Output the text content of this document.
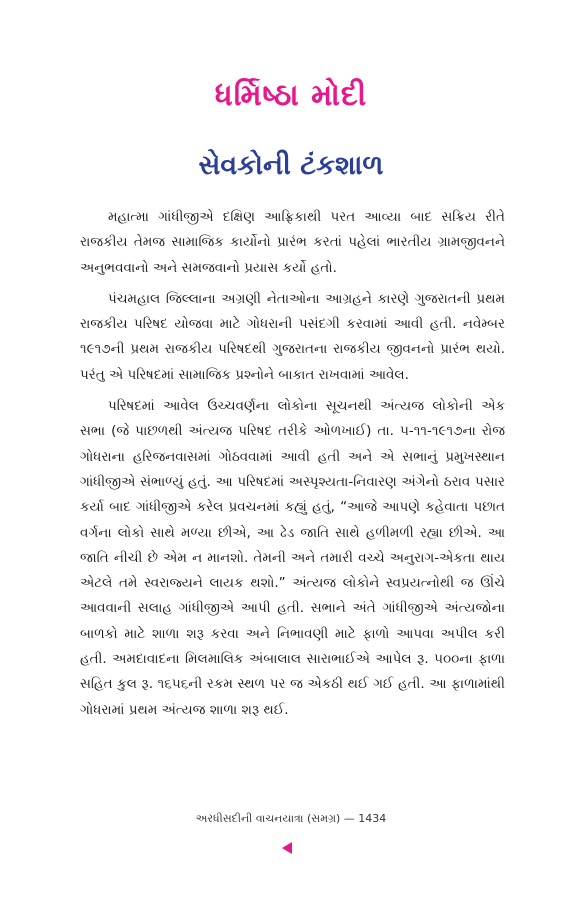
ધર્મિષ્ઠા મોદી
સેવકોની ટંકશાળ

મહાત્મા ગાંધીજીએ દક્ષિણ આફ્રિકાથી પરત આવ્યા બાદ સક્રિય રીતે રાજકીય તેમજ સામાજિક કાર્યોનો પ્રારંભ કરતાં પહેલાં ભારતીય ગ્રામજીવનને અનુભવવાનો અને સમજવાનો પ્રયાસ કર્યો હતો.

પંચમહાલ જિલ્લાના અગ્રણી નેતાઓના આગ્રહને કારણે ગુજરાતની પ્રથમ રાજકીય પરિષદ યોજવા માટે ગોધરાની પસંદગી કરવામાં આવી હતી. નવેમ્બર ૧૯૧૭ની પ્રથમ રાજકીય પરિષદથી ગુજરાતના રાજકીય જીવનનો પ્રારંભ થયો. પરંતુ એ પરિષદમાં સામાજિક પ્રશ્નોને બાકાત રાખવામાં આવેલ.

પરિષદમાં આવેલ ઉચ્ચવર્ણના લોકોના સૂચનથી અંત્યજ લોકોની એક સભા (જે પાછળથી અંત્યજ પરિષદ તરીકે ઓળખાઈ) તા. ૫-૧૧-૧૯૧૭ના રોજ ગોધરાના હરિજનવાસમાં ગોઠવવામાં આવી હતી અને એ સભાનું પ્રમુખસ્થાન ગાંધીજીએ સંભાળ્યું હતું. આ પરિષદમાં અસ્પૃશ્યતા-નિવારણ અંગેનો ઠરાવ પસાર કર્યા બાદ ગાંધીજીએ કરેલ પ્રવચનમાં કહ્યું હતું, “આજે આપણે કહેવાતા પછાત વર્ગના લોકો સાથે મળ્યા છીએ, આ ઢેડ જાતિ સાથે હળીમળી રહ્યા છીએ. આ જાતિ નીચી છે એમ ન માનશો. તેમની અને તમારી વચ્ચે અનુરાગ-એકતા થાય એટલે તમે સ્વરાજ્યને લાયક થશો.” અંત્યજ લોકોને સ્વપ્રયત્નોથી જ ઊંચે આવવાની સલાહ ગાંધીજીએ આપી હતી. સભાને અંતે ગાંધીજીએ અંત્યજોના બાળકો માટે શાળા શરૂ કરવા અને નિભાવણી માટે ફાળો આપવા અપીલ કરી હતી. અમદાવાદના મિલમાલિક અંબાલાલ સારાભાઈએ આપેલ રૂ. ૫૦૦ના ફાળા સહિત કુલ રૂ. ૧૬૫૬ની રકમ સ્થળ પર જ એકઠી થઈ ગઈ હતી. આ ફાળામાંથી ગોધરામાં પ્રથમ અંત્યજ શાળા શરૂ થઈ.

અરધીસદીની વાચનયાત્રા (સમગ્ર) — 1434
